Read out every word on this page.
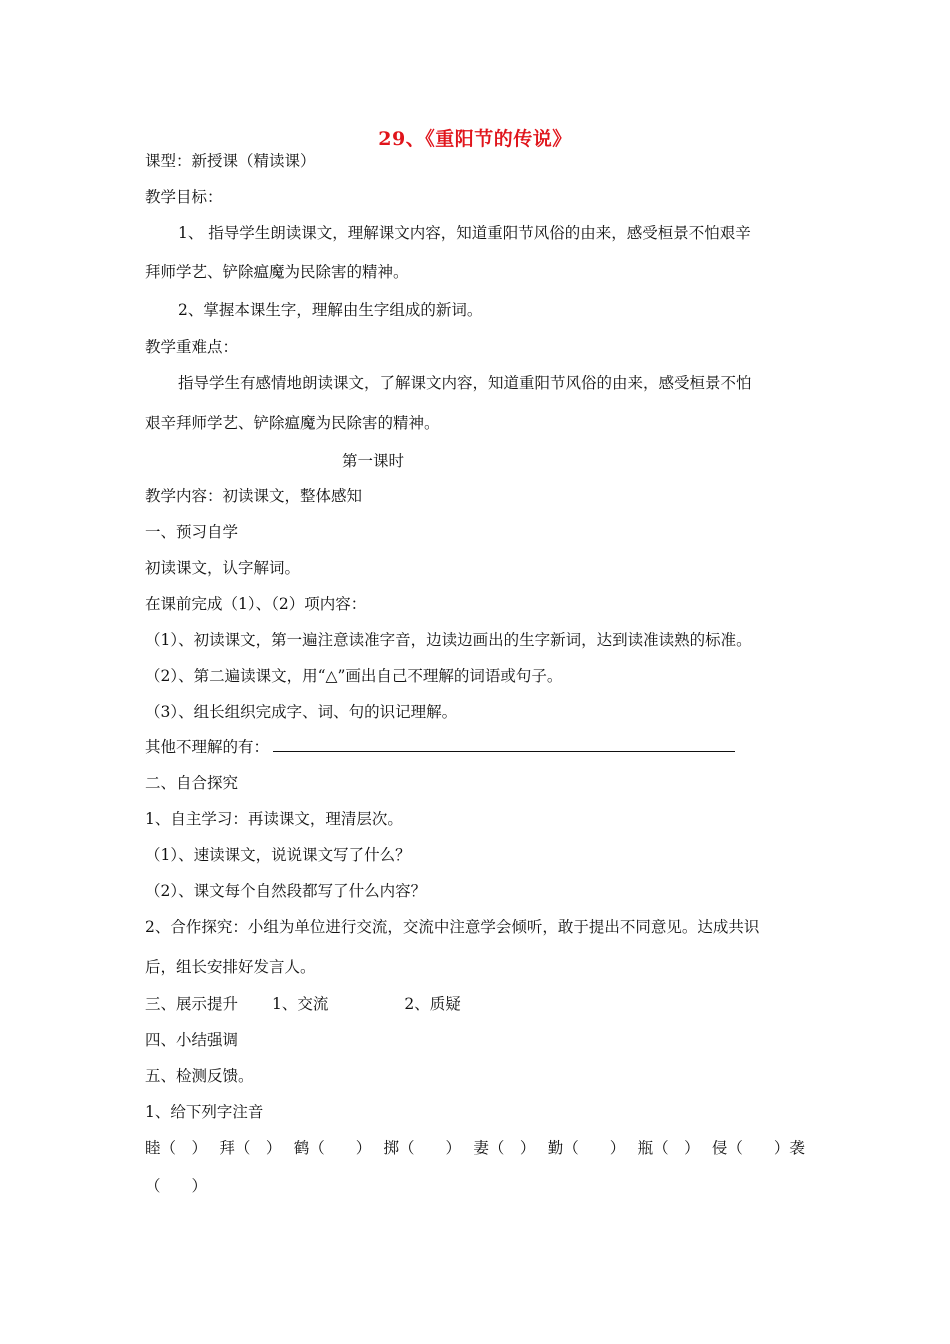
29、《重阳节的传说》
课型：新授课（精读课）
教学目标：
1、 指导学生朗读课文，理解课文内容，知道重阳节风俗的由来，感受桓景不怕艰辛
拜师学艺、铲除瘟魔为民除害的精神。
2、掌握本课生字，理解由生字组成的新词。
教学重难点：
指导学生有感情地朗读课文，了解课文内容，知道重阳节风俗的由来，感受桓景不怕
艰辛拜师学艺、铲除瘟魔为民除害的精神。
第一课时
教学内容：初读课文，整体感知
一、预习自学
初读课文，认字解词。
在课前完成（1）、（2）项内容：
（1）、初读课文，第一遍注意读准字音，边读边画出的生字新词，达到读准读熟的标准。
（2）、第二遍读课文，用“△”画出自己不理解的词语或句子。
（3）、组长组织完成字、词、句的识记理解。
其他不理解的有：
二、自合探究
1、自主学习：再读课文，理清层次。
（1）、速读课文，说说课文写了什么？
（2）、课文每个自然段都写了什么内容？
2、合作探究：小组为单位进行交流，交流中注意学会倾听，敢于提出不同意见。达成共识
后，组长安排好发言人。
三、展示提升 1、交流	2、质疑
四、小结强调
五、检测反馈。
1、给下列字注音
睦（　） 拜（　） 鹤（　　） 掷（　　） 妻（　） 勤（　　） 瓶（　） 侵（　　）袭
（　　）
